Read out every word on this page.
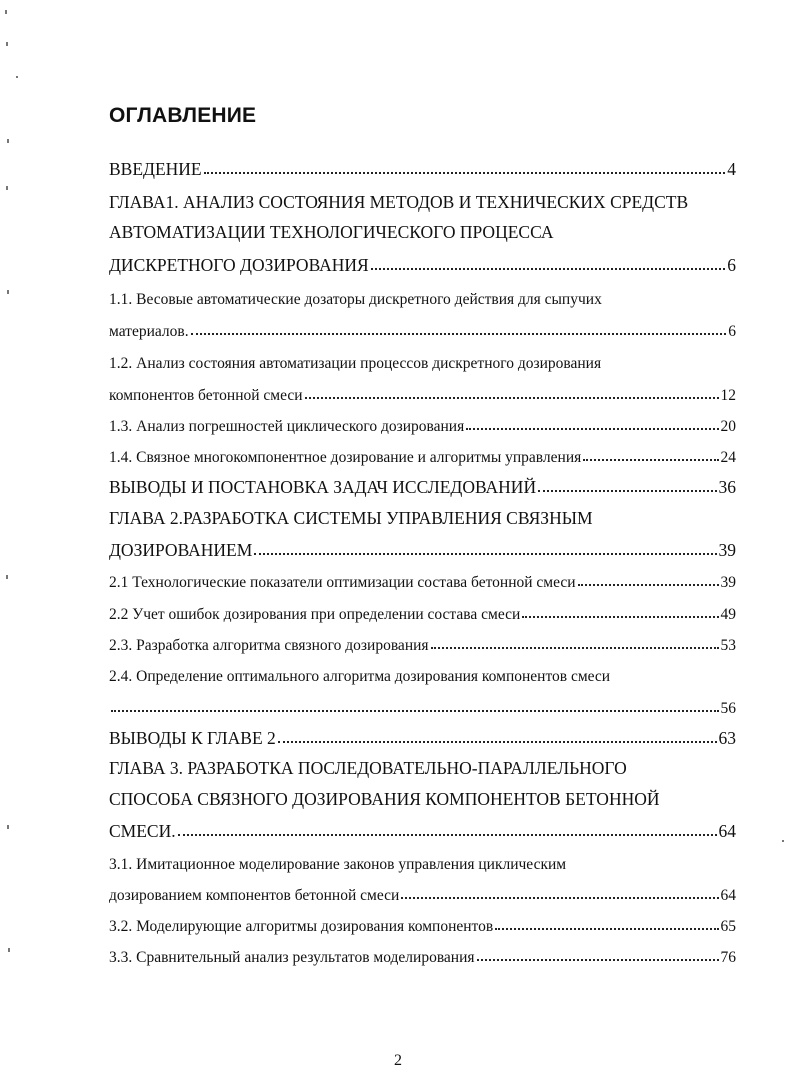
ОГЛАВЛЕНИЕ
ВВЕДЕНИЕ	4
ГЛАВА1. АНАЛИЗ СОСТОЯНИЯ МЕТОДОВ И ТЕХНИЧЕСКИХ СРЕДСТВ
АВТОМАТИЗАЦИИ ТЕХНОЛОГИЧЕСКОГО ПРОЦЕССА
ДИСКРЕТНОГО ДОЗИРОВАНИЯ	6
1.1. Весовые автоматические дозаторы дискретного действия для сыпучих
материалов.	6
1.2. Анализ состояния автоматизации процессов дискретного дозирования
компонентов бетонной смеси	12
1.3. Анализ погрешностей циклического дозирования	20
1.4. Связное многокомпонентное дозирование и алгоритмы управления	24
ВЫВОДЫ И ПОСТАНОВКА ЗАДАЧ ИССЛЕДОВАНИЙ	36
ГЛАВА 2.РАЗРАБОТКА СИСТЕМЫ УПРАВЛЕНИЯ СВЯЗНЫМ
ДОЗИРОВАНИЕМ	39
2.1 Технологические показатели оптимизации состава бетонной смеси	39
2.2 Учет ошибок дозирования при определении состава смеси	49
2.3. Разработка алгоритма связного дозирования	53
2.4. Определение оптимального алгоритма дозирования компонентов смеси
56
ВЫВОДЫ К ГЛАВЕ 2	63
ГЛАВА 3. РАЗРАБОТКА ПОСЛЕДОВАТЕЛЬНО-ПАРАЛЛЕЛЬНОГО
СПОСОБА СВЯЗНОГО ДОЗИРОВАНИЯ КОМПОНЕНТОВ БЕТОННОЙ
СМЕСИ.	64
3.1. Имитационное моделирование законов управления циклическим
дозированием компонентов бетонной смеси	64
3.2. Моделирующие алгоритмы дозирования компонентов	65
3.3. Сравнительный анализ результатов моделирования	76
2
